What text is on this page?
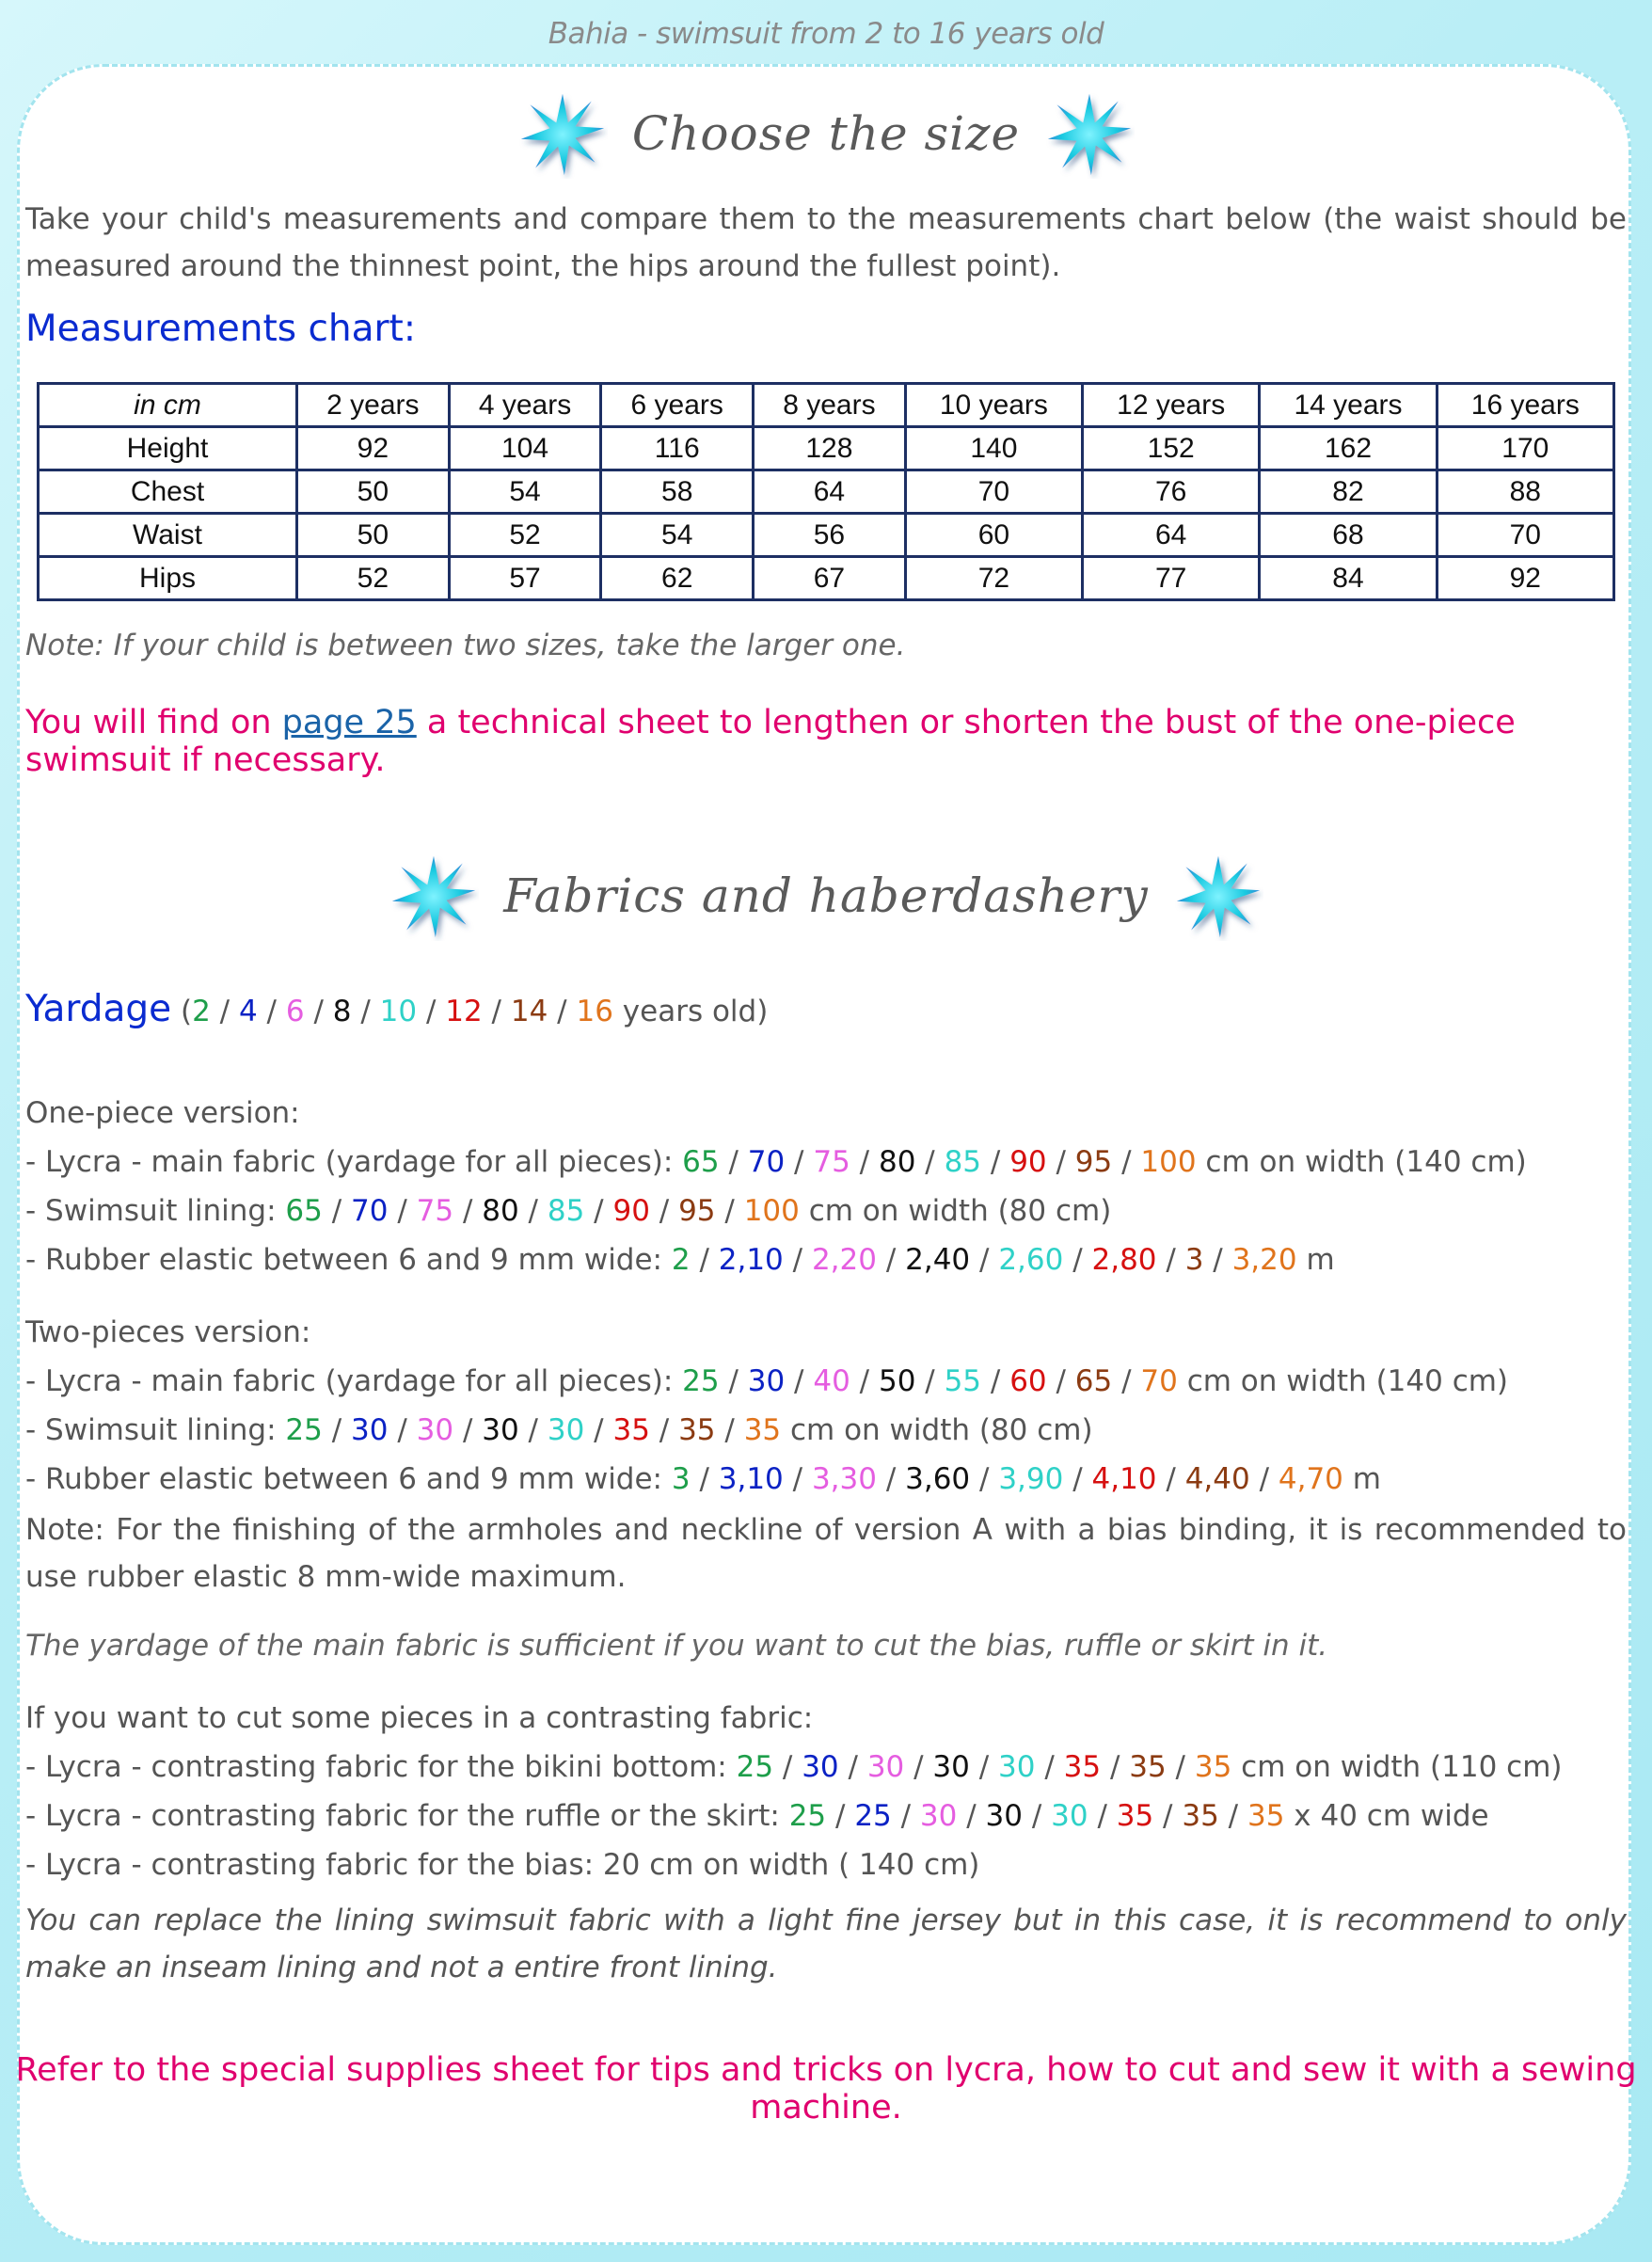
Bahia - swimsuit from 2 to 16 years old
Choose the size
Take your child's measurements and compare them to the measurements chart below (the waist should be measured around the thinnest point, the hips around the fullest point).
Measurements chart:
in cm	2 years	4 years	6 years	8 years	10 years	12 years	14 years	16 years
Height	92	104	116	128	140	152	162	170
Chest	50	54	58	64	70	76	82	88
Waist	50	52	54	56	60	64	68	70
Hips	52	57	62	67	72	77	84	92
Note: If your child is between two sizes, take the larger one.
You will find on page 25 a technical sheet to lengthen or shorten the bust of the one-piece swimsuit if necessary.
Fabrics and haberdashery
Yardage (2 / 4 / 6 / 8 / 10 / 12 / 14 / 16 years old)
One-piece version:
- Lycra - main fabric (yardage for all pieces): 65 / 70 / 75 / 80 / 85 / 90 / 95 / 100 cm on width (140 cm)
- Swimsuit lining: 65 / 70 / 75 / 80 / 85 / 90 / 95 / 100 cm on width (80 cm)
- Rubber elastic between 6 and 9 mm wide: 2 / 2,10 / 2,20 / 2,40 / 2,60 / 2,80 / 3 / 3,20 m
Two-pieces version:
- Lycra - main fabric (yardage for all pieces): 25 / 30 / 40 / 50 / 55 / 60 / 65 / 70 cm on width (140 cm)
- Swimsuit lining: 25 / 30 / 30 / 30 / 30 / 35 / 35 / 35 cm on width (80 cm)
- Rubber elastic between 6 and 9 mm wide: 3 / 3,10 / 3,30 / 3,60 / 3,90 / 4,10 / 4,40 / 4,70 m
Note: For the finishing of the armholes and neckline of version A with a bias binding, it is recommended to use rubber elastic 8 mm-wide maximum.
The yardage of the main fabric is sufficient if you want to cut the bias, ruffle or skirt in it.
If you want to cut some pieces in a contrasting fabric:
- Lycra - contrasting fabric for the bikini bottom: 25 / 30 / 30 / 30 / 30 / 35 / 35 / 35 cm on width (110 cm)
- Lycra - contrasting fabric for the ruffle or the skirt: 25 / 25 / 30 / 30 / 30 / 35 / 35 / 35 x 40 cm wide
- Lycra - contrasting fabric for the bias: 20 cm on width ( 140 cm)
You can replace the lining swimsuit fabric with a light fine jersey but in this case, it is recommend to only make an inseam lining and not a entire front lining.
Refer to the special supplies sheet for tips and tricks on lycra, how to cut and sew it with a sewing machine.
